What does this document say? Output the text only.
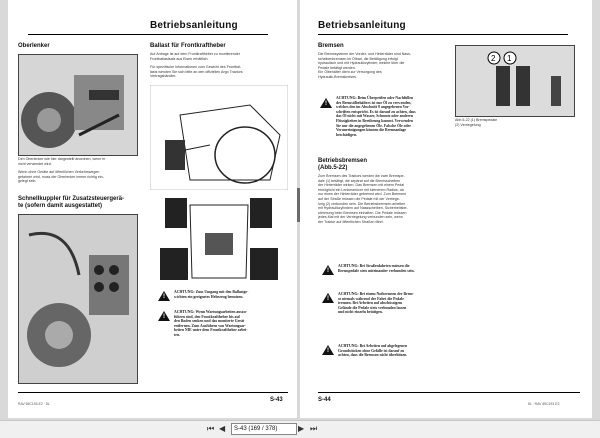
Betriebsanleitung
Oberlenker
Den Oberlenker wie hier dargestellt anordnen, wenn er
nicht verwendet wird.
Wenn ohne Geräte auf öffentlichen Verkehrswegen
gefahren wird, muss der Oberlenker immer richtig ein-
gelegt sein.
Schnellkuppler für Zusatzsteuergerä-
te (sofern damit ausgestattet)
Ballast für Frontkraftheber
Auf Anfrage ist auf dem Frontkraftheber zu montierender
Frontballastsatz aus Eisen erhältlich.
Für spezifische Informationen zum Gewicht des Frontbal-
lasts wenden Sie sich bitte an den offiziellen Argo Tractors
Vertragshändler.
!
ACHTUNG: Zum Umgang mit den Ballastge-
wichten ein geeignetes Hebezeug benutzen.
!
ACHTUNG: Wenn Wartungsarbeiten auszu-
führen sind, den Frontkraftheber bis auf
den Boden senken und das montierte Gerät
entfernen. Zum Ausführen von Wartungsar-
beiten NIE unter dem Frontkraftheber arbei-
ten.
RAV 65C193-E2 · 8L
S-43
Betriebsanleitung
Bremsen
Die Bremssysteme der Vorder- und Hinterräder sind Nass-
scheibenbremsen im Ölbad, die Betätigung erfolgt
hydraulisch und mit Hydraulikzylinder, welche über die
Pedale betätigt werden.
Ein Ölbehälter dient zur Versorgung des
Hydraulik-Bremskreises.
2 1
Abb.5-22 (1) Bremspedale
(2) Verriegelung
!
ACHTUNG: Beim Überprüfen oder Nachfüllen
des Bremsölbehälters ist nur Öl zu verwenden,
welches den im Abschnitt 8 angegebenen Vor-
schriften entspricht. Es ist darauf zu achten, dass
das Öl nicht mit Wasser, Schmutz oder anderen
Flüssigkeiten in Berührung kommt. Verwenden
Sie nur die angegebenen Öle. Falsche Öle oder
Verunreinigungen können die Bremsanlage
beschädigen.
Betriebsbremsen
(Abb.5-22)
Zum Bremsen des Traktors werden die zwei Bremspe-
dale (1) betätigt, die separat auf die Bremsscheiben
der Hinterräder wirken. Das Bremsen mit einem Pedal
ermöglicht ein Lenkmanöver mit kleinerem Radius, da
nur eines der Hinterräder gebremst wird. Zum Bremsen
auf der Straße müssen die Pedale mit der Verriege-
lung (2) verbunden sein. Die Betriebsbremsen arbeiten
mit Hydraulikzylindern auf Nassscheiben, Sicherheitsbe-
stimmung beim Bremsen einhalten. Die Pedale müssen
jedes Mal mit der Verriegelung verbunden sein, wenn
der Traktor auf öffentlichen Straßen fährt.
!
ACHTUNG: Bei Straßenfahrten müssen die
Bremspedale stets miteinander verbunden sein.
!
ACHTUNG: Bei einem Notbremsen der Brem-
se niemals während der Fahrt die Pedale
trennen. Bei Arbeiten auf abschüssigem
Gelände die Pedale stets verbunden lassen
und nicht einzeln betätigen.
!
ACHTUNG: Bei Arbeiten auf abgelegenen
Grundstücken ohne Gefälle ist darauf zu
achten, dass die Bremsen nicht überhitzen.
S-44
8L · RAV 65C193-E2
⏮ ◀	S-43 (169 / 378)	▶ ⏭
